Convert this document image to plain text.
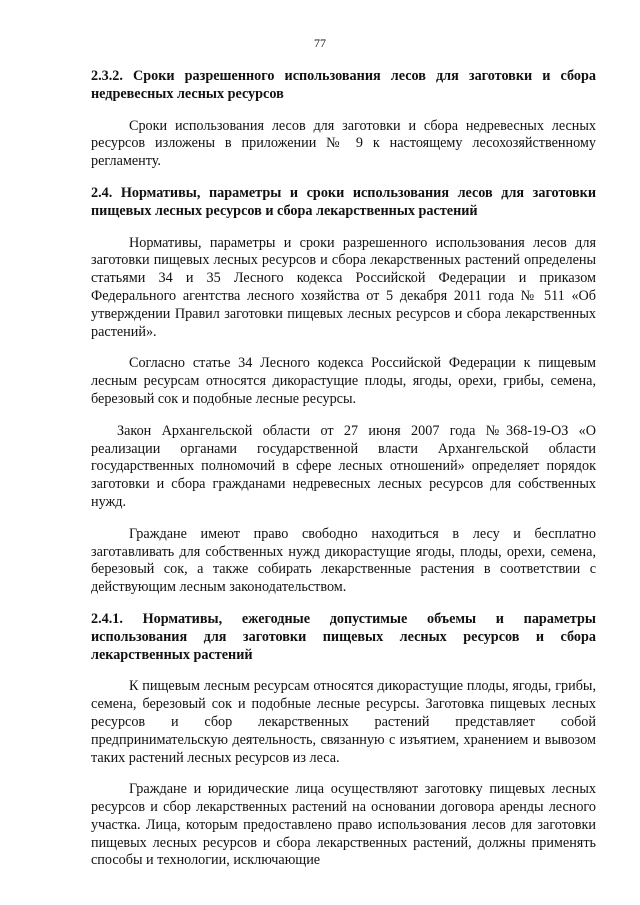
77
2.3.2. Сроки разрешенного использования лесов для заготовки и сбора недревесных лесных ресурсов

Сроки использования лесов для заготовки и сбора недревесных лесных ресурсов изложены в приложении № 9 к настоящему лесохозяйственному регламенту.

2.4. Нормативы, параметры и сроки использования лесов для заготовки пищевых лесных ресурсов и сбора лекарственных растений

Нормативы, параметры и сроки разрешенного использования лесов для заготовки пищевых лесных ресурсов и сбора лекарственных растений определены статьями 34 и 35 Лесного кодекса Российской Федерации и приказом Федерального агентства лесного хозяйства от 5 декабря 2011 года № 511 «Об утверждении Правил заготовки пищевых лесных ресурсов и сбора лекарственных растений».

Согласно статье 34 Лесного кодекса Российской Федерации к пищевым лесным ресурсам относятся дикорастущие плоды, ягоды, орехи, грибы, семена, березовый сок и подобные лесные ресурсы.

Закон Архангельской области от 27 июня 2007 года №368-19-ОЗ «О реализации органами государственной власти Архангельской области государственных полномочий в сфере лесных отношений» определяет порядок заготовки и сбора гражданами недревесных лесных ресурсов для собственных нужд.

Граждане имеют право свободно находиться в лесу и бесплатно заготавливать для собственных нужд дикорастущие ягоды, плоды, орехи, семена, березовый сок, а также собирать лекарственные растения в соответствии с действующим лесным законодательством.

2.4.1. Нормативы, ежегодные допустимые объемы и параметры использования для заготовки пищевых лесных ресурсов и сбора лекарственных растений

К пищевым лесным ресурсам относятся дикорастущие плоды, ягоды, грибы, семена, березовый сок и подобные лесные ресурсы. Заготовка пищевых лесных ресурсов и сбор лекарственных растений представляет собой предпринимательскую деятельность, связанную с изъятием, хранением и вывозом таких растений лесных ресурсов из леса.

Граждане и юридические лица осуществляют заготовку пищевых лесных ресурсов и сбор лекарственных растений на основании договора аренды лесного участка. Лица, которым предоставлено право использования лесов для заготовки пищевых лесных ресурсов и сбора лекарственных растений, должны применять способы и технологии, исключающие
